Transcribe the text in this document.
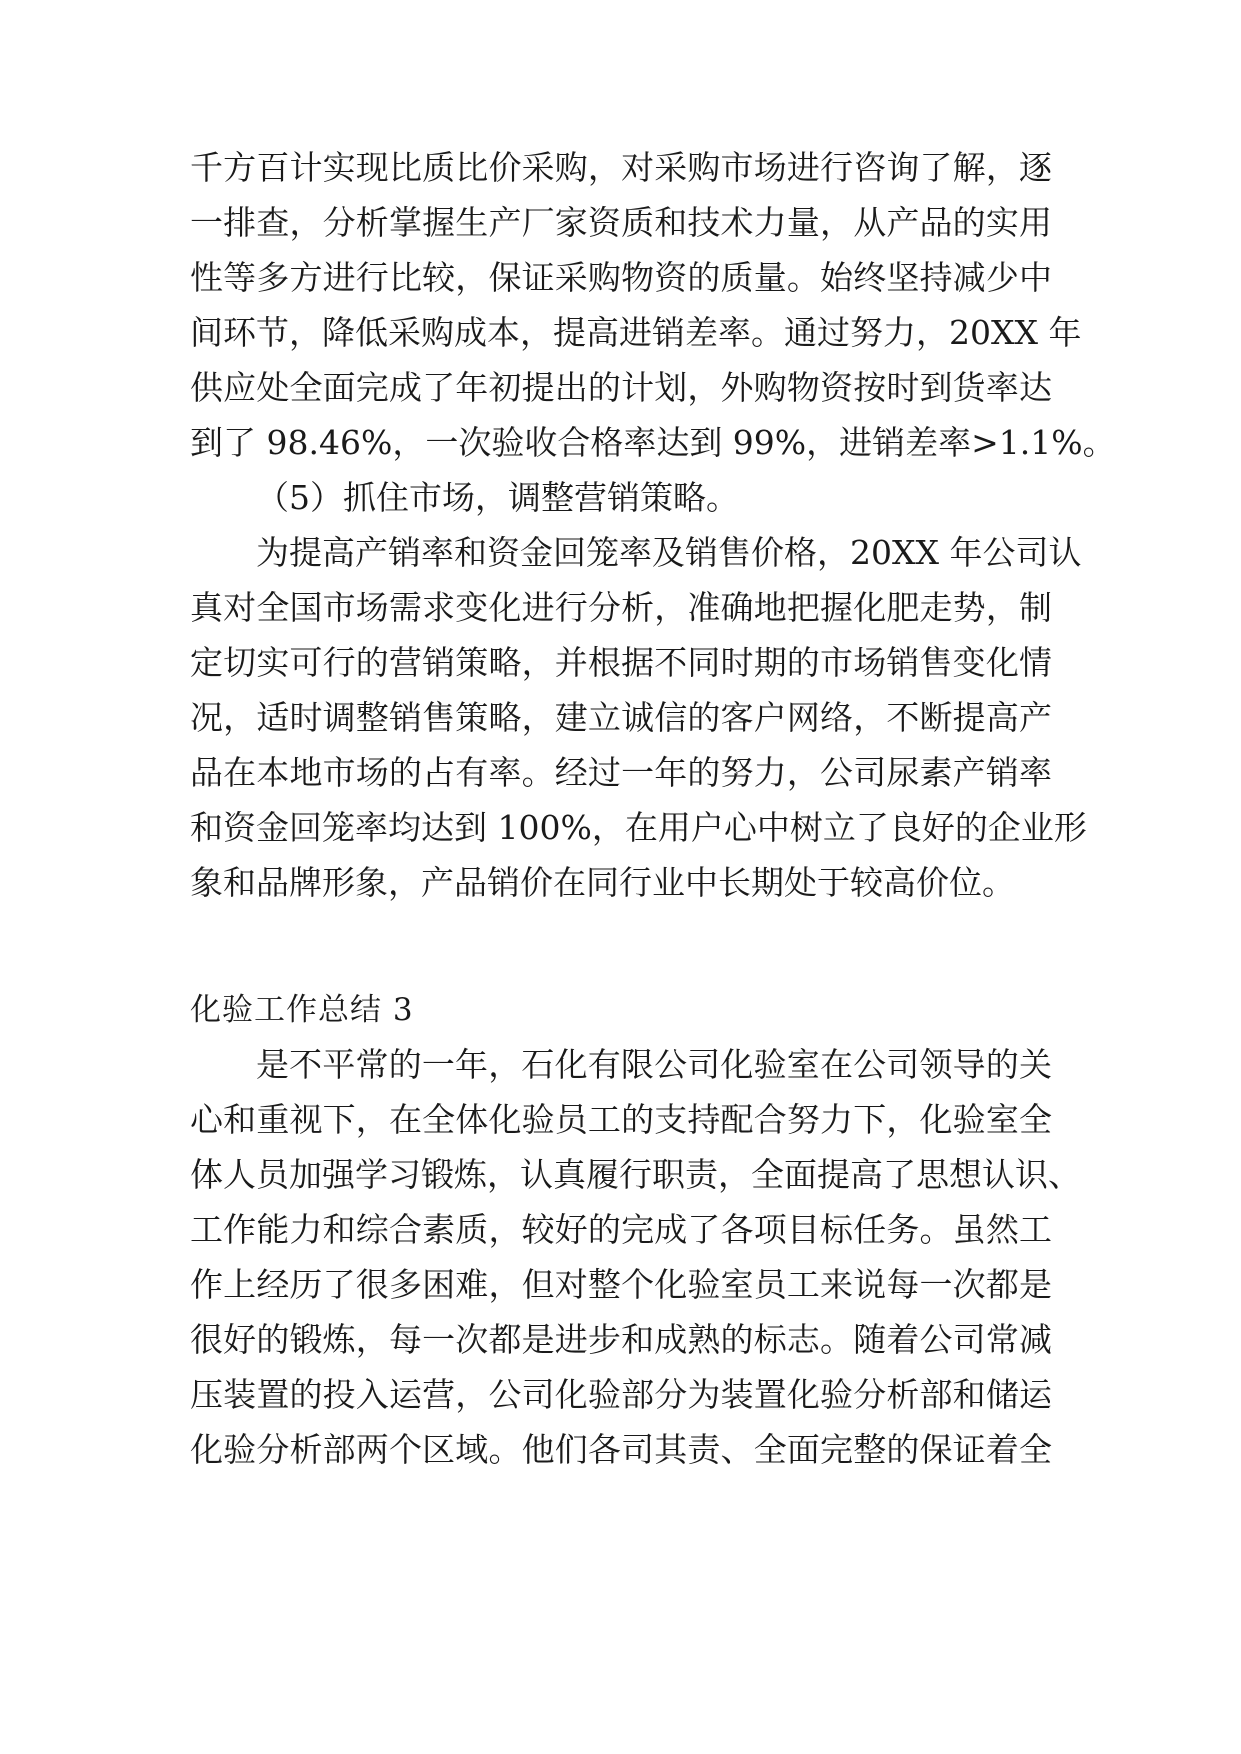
千方百计实现比质比价采购，对采购市场进行咨询了解，逐
一排查，分析掌握生产厂家资质和技术力量，从产品的实用
性等多方进行比较，保证采购物资的质量。始终坚持减少中
间环节，降低采购成本，提高进销差率。通过努力，20XX 年
供应处全面完成了年初提出的计划，外购物资按时到货率达
到了 98.46%，一次验收合格率达到 99%，进销差率>1.1%。
（5）抓住市场，调整营销策略。
为提高产销率和资金回笼率及销售价格，20XX 年公司认
真对全国市场需求变化进行分析，准确地把握化肥走势，制
定切实可行的营销策略，并根据不同时期的市场销售变化情
况，适时调整销售策略，建立诚信的客户网络，不断提高产
品在本地市场的占有率。经过一年的努力，公司尿素产销率
和资金回笼率均达到 100%，在用户心中树立了良好的企业形
象和品牌形象，产品销价在同行业中长期处于较高价位。
化验工作总结 3
是不平常的一年，石化有限公司化验室在公司领导的关
心和重视下，在全体化验员工的支持配合努力下，化验室全
体人员加强学习锻炼，认真履行职责，全面提高了思想认识、
工作能力和综合素质，较好的完成了各项目标任务。虽然工
作上经历了很多困难，但对整个化验室员工来说每一次都是
很好的锻炼，每一次都是进步和成熟的标志。随着公司常减
压装置的投入运营，公司化验部分为装置化验分析部和储运
化验分析部两个区域。他们各司其责、全面完整的保证着全
